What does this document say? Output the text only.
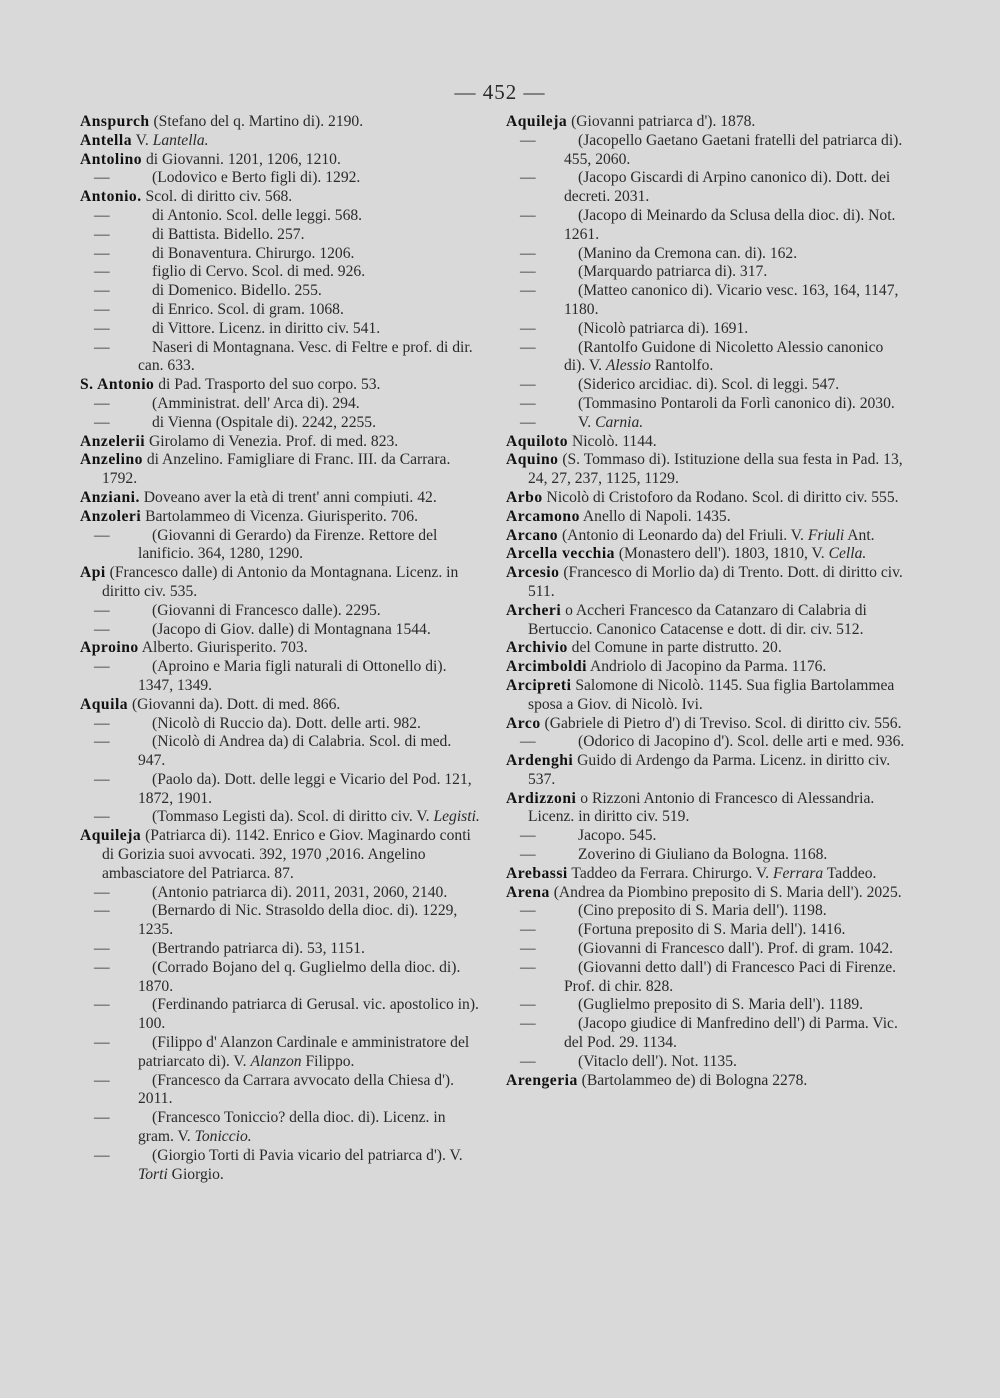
— 452 —

Anspurch (Stefano del q. Martino di). 2190.

Antella V. Lantella.

Antolino di Giovanni. 1201, 1206, 1210.

—	(Lodovico e Berto figli di). 1292.

Antonio. Scol. di diritto civ. 568.

—	di Antonio. Scol. delle leggi. 568.

—	di Battista. Bidello. 257.

—	di Bonaventura. Chirurgo. 1206.

—	figlio di Cervo. Scol. di med. 926.

—	di Domenico. Bidello. 255.

—	di Enrico. Scol. di gram. 1068.

—	di Vittore. Licenz. in diritto civ. 541.

—	Naseri di Montagnana. Vesc. di Feltre e prof. di dir. can. 633.

S. Antonio di Pad. Trasporto del suo corpo. 53.

—	(Amministrat. dell' Arca di). 294.

—	di Vienna (Ospitale di). 2242, 2255.

Anzelerii Girolamo di Venezia. Prof. di med. 823.

Anzelino di Anzelino. Famigliare di Franc. III. da Carrara. 1792.

Anziani. Doveano aver la età di trent' anni compiuti. 42.

Anzoleri Bartolammeo di Vicenza. Giurisperito. 706.

—	(Giovanni di Gerardo) da Firenze. Rettore del lanificio. 364, 1280, 1290.

Api (Francesco dalle) di Antonio da Montagnana. Licenz. in diritto civ. 535.

—	(Giovanni di Francesco dalle). 2295.

—	(Jacopo di Giov. dalle) di Montagnana 1544.

Aproino Alberto. Giurisperito. 703.

—	(Aproino e Maria figli naturali di Ottonello di). 1347, 1349.

Aquila (Giovanni da). Dott. di med. 866.

—	(Nicolò di Ruccio da). Dott. delle arti. 982.

—	(Nicolò di Andrea da) di Calabria. Scol. di med. 947.

—	(Paolo da). Dott. delle leggi e Vicario del Pod. 121, 1872, 1901.

—	(Tommaso Legisti da). Scol. di diritto civ. V. Legisti.

Aquileja (Patriarca di). 1142. Enrico e Giov. Maginardo conti di Gorizia suoi avvocati. 392, 1970 ,2016. Angelino ambasciatore del Patriarca. 87.

—	(Antonio patriarca di). 2011, 2031, 2060, 2140.

—	(Bernardo di Nic. Strasoldo della dioc. di). 1229, 1235.

—	(Bertrando patriarca di). 53, 1151.

—	(Corrado Bojano del q. Guglielmo della dioc. di). 1870.

—	(Ferdinando patriarca di Gerusal. vic. apostolico in). 100.

—	(Filippo d' Alanzon Cardinale e amministratore del patriarcato di). V. Alanzon Filippo.

—	(Francesco da Carrara avvocato della Chiesa d'). 2011.

—	(Francesco Toniccio? della dioc. di). Licenz. in gram. V. Toniccio.

—	(Giorgio Torti di Pavia vicario del patriarca d'). V. Torti Giorgio.

Aquileja (Giovanni patriarca d'). 1878.

—	(Jacopello Gaetano Gaetani fratelli del patriarca di). 455, 2060.

—	(Jacopo Giscardi di Arpino canonico di). Dott. dei decreti. 2031.

—	(Jacopo di Meinardo da Sclusa della dioc. di). Not. 1261.

—	(Manino da Cremona can. di). 162.

—	(Marquardo patriarca di). 317.

—	(Matteo canonico di). Vicario vesc. 163, 164, 1147, 1180.

—	(Nicolò patriarca di). 1691.

—	(Rantolfo Guidone di Nicoletto Alessio canonico di). V. Alessio Rantolfo.

—	(Siderico arcidiac. di). Scol. di leggi. 547.

—	(Tommasino Pontaroli da Forlì canonico di). 2030.

—	V. Carnia.

Aquiloto Nicolò. 1144.

Aquino (S. Tommaso di). Istituzione della sua festa in Pad. 13, 24, 27, 237, 1125, 1129.

Arbo Nicolò di Cristoforo da Rodano. Scol. di diritto civ. 555.

Arcamono Anello di Napoli. 1435.

Arcano (Antonio di Leonardo da) del Friuli. V. Friuli Ant.

Arcella vecchia (Monastero dell'). 1803, 1810, V. Cella.

Arcesio (Francesco di Morlio da) di Trento. Dott. di diritto civ. 511.

Archeri o Accheri Francesco da Catanzaro di Calabria di Bertuccio. Canonico Catacense e dott. di dir. civ. 512.

Archivio del Comune in parte distrutto. 20.

Arcimboldi Andriolo di Jacopino da Parma. 1176.

Arcipreti Salomone di Nicolò. 1145. Sua figlia Bartolammea sposa a Giov. di Nicolò. Ivi.

Arco (Gabriele di Pietro d') di Treviso. Scol. di diritto civ. 556.

—	(Odorico di Jacopino d'). Scol. delle arti e med. 936.

Ardenghi Guido di Ardengo da Parma. Licenz. in diritto civ. 537.

Ardizzoni o Rizzoni Antonio di Francesco di Alessandria. Licenz. in diritto civ. 519.

—	Jacopo. 545.

—	Zoverino di Giuliano da Bologna. 1168.

Arebassi Taddeo da Ferrara. Chirurgo. V. Ferrara Taddeo.

Arena (Andrea da Piombino preposito di S. Maria dell'). 2025.

—	(Cino preposito di S. Maria dell'). 1198.

—	(Fortuna preposito di S. Maria dell'). 1416.

—	(Giovanni di Francesco dall'). Prof. di gram. 1042.

—	(Giovanni detto dall') di Francesco Paci di Firenze. Prof. di chir. 828.

—	(Guglielmo preposito di S. Maria dell'). 1189.

—	(Jacopo giudice di Manfredino dell') di Parma. Vic. del Pod. 29. 1134.

—	(Vitaclo dell'). Not. 1135.

Arengeria (Bartolammeo de) di Bologna 2278.
